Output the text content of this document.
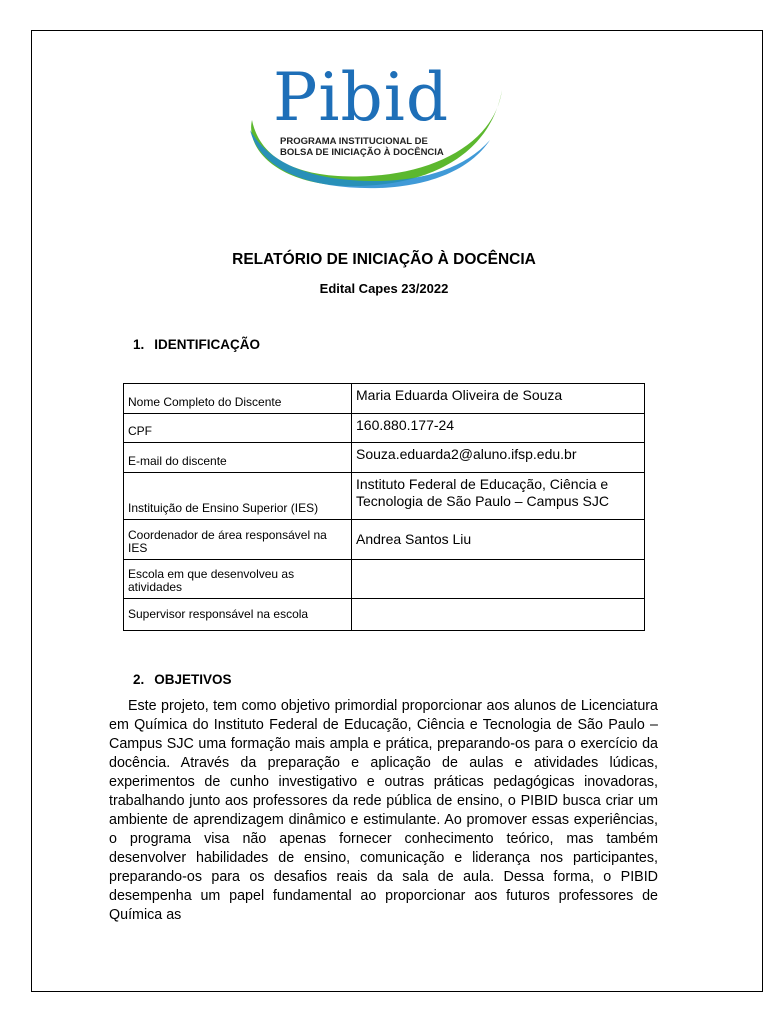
Pibid
PROGRAMA INSTITUCIONAL DE
BOLSA DE INICIAÇÃO À DOCÊNCIA
RELATÓRIO DE INICIAÇÃO À DOCÊNCIA
Edital Capes 23/2022
1. IDENTIFICAÇÃO
Nome Completo do Discente	Maria Eduarda Oliveira de Souza
CPF	160.880.177-24
E-mail do discente	Souza.eduarda2@aluno.ifsp.edu.br
Instituição de Ensino Superior (IES)	Instituto Federal de Educação, Ciência e Tecnologia de São Paulo – Campus SJC
Coordenador de área responsável na IES	Andrea Santos Liu
Escola em que desenvolveu as atividades	
Supervisor responsável na escola	
2. OBJETIVOS

Este projeto, tem como objetivo primordial proporcionar aos alunos de Licenciatura em Química do Instituto Federal de Educação, Ciência e Tecnologia de São Paulo – Campus SJC uma formação mais ampla e prática, preparando-os para o exercício da docência. Através da preparação e aplicação de aulas e atividades lúdicas, experimentos de cunho investigativo e outras práticas pedagógicas inovadoras, trabalhando junto aos professores da rede pública de ensino, o PIBID busca criar um ambiente de aprendizagem dinâmico e estimulante. Ao promover essas experiências, o programa visa não apenas fornecer conhecimento teórico, mas também desenvolver habilidades de ensino, comunicação e liderança nos participantes, preparando-os para os desafios reais da sala de aula. Dessa forma, o PIBID desempenha um papel fundamental ao proporcionar aos futuros professores de Química as
